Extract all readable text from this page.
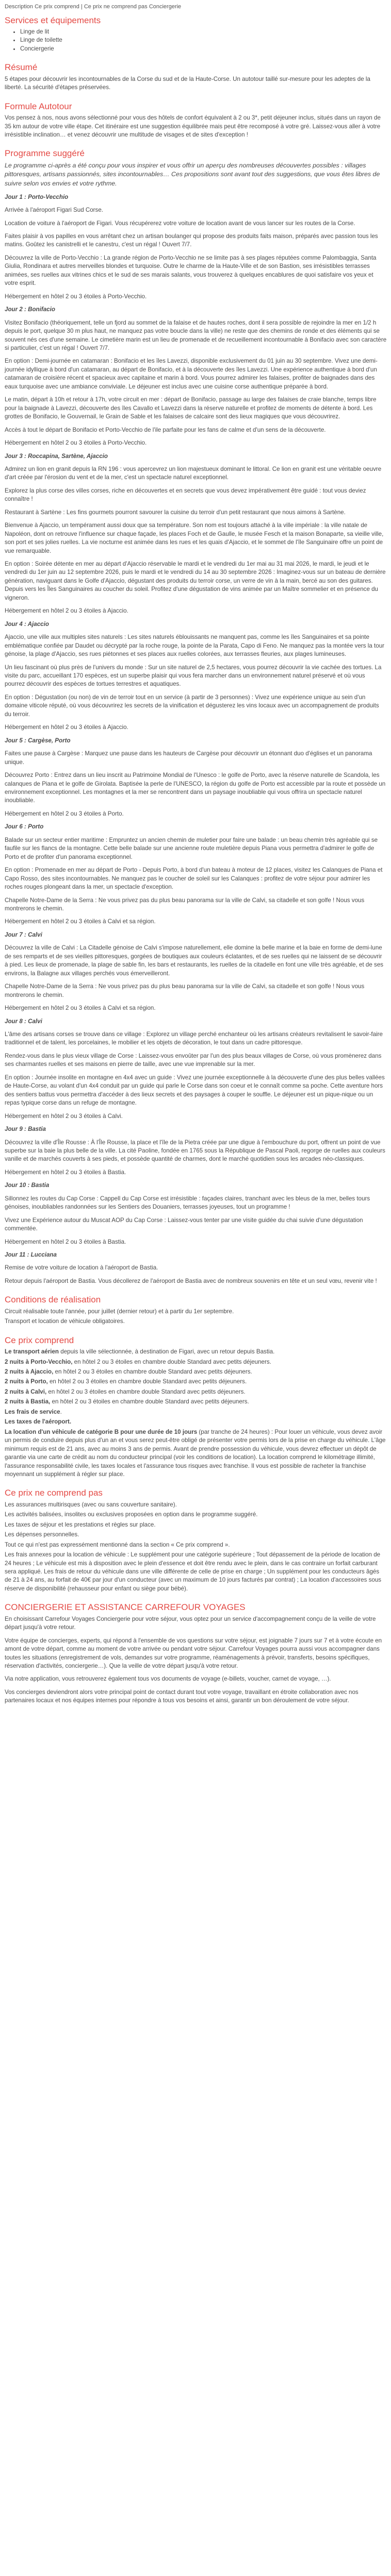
Description Ce prix comprend | Ce prix ne comprend pas Conciergerie

Services et équipements
• Linge de lit
• Linge de toilette
• Conciergerie
Résumé

5 étapes pour découvrir les incontournables de la Corse du sud et de la Haute-Corse. Un autotour taillé sur-mesure pour les adeptes de la liberté. La sécurité d'étapes préservées.

Formule Autotour

Vos pensez à nos, nous avons sélectionné pour vous des hôtels de confort équivalent à 2 ou 3*, petit déjeuner inclus, situés dans un rayon de 35 km autour de votre ville étape. Cet itinéraire est une suggestion équilibrée mais peut être recomposé à votre gré. Laissez-vous aller à votre irrésistible inclination… et venez découvrir une multitude de visages et de sites d'exception !

Programme suggéré

Le programme ci-après a été conçu pour vous inspirer et vous offrir un aperçu des nombreuses découvertes possibles : villages pittoresques, artisans passionnés, sites incontournables… Ces propositions sont avant tout des suggestions, que vous êtes libres de suivre selon vos envies et votre rythme.

Jour 1 : Porto-Vecchio

Arrivée à l'aéroport Figari Sud Corse.

Location de voiture à l'aéroport de Figari. Vous récupérerez votre voiture de location avant de vous lancer sur les routes de la Corse.

Faites plaisir à vos papilles en vous arrêtant chez un artisan boulanger qui propose des produits faits maison, préparés avec passion tous les matins. Goûtez les canistrelli et le canestru, c'est un régal ! Ouvert 7/7.

Découvrez la ville de Porto-Vecchio : La grande région de Porto-Vecchio ne se limite pas à ses plages réputées comme Palombaggia, Santa Giulia, Rondinara et autres merveilles blondes et turquoise. Outre le charme de la Haute-Ville et de son Bastion, ses irrésistibles terrasses animées, ses ruelles aux vitrines chics et le sud de ses marais salants, vous trouverez à quelques encablures de quoi satisfaire vos yeux et votre esprit.

Hébergement en hôtel 2 ou 3 étoiles à Porto-Vecchio.

Jour 2 : Bonifacio

Visitez Bonifacio (théoriquement, telle un fjord au sommet de la falaise et de hautes roches, dont il sera possible de rejoindre la mer en 1/2 h depuis le port, quelque 30 m plus haut, ne manquez pas votre boucle dans la ville) ne reste que des chemins de ronde et des éléments qui se souvent nés ces d'une semaine. Le cimetière marin est un lieu de promenade et de recueillement incontournable à Bonifacio avec son caractère si particulier, c'est un régal ! Ouvert 7/7.

En option : Demi-journée en catamaran : Bonifacio et les îles Lavezzi, disponible exclusivement du 01 juin au 30 septembre. Vivez une demi-journée idyllique à bord d'un catamaran, au départ de Bonifacio, et à la découverte des îles Lavezzi. Une expérience authentique à bord d'un catamaran de croisière récent et spacieux avec capitaine et marin à bord. Vous pourrez admirer les falaises, profiter de baignades dans des eaux turquoise avec une ambiance conviviale. Le déjeuner est inclus avec une cuisine corse authentique préparée à bord.

Le matin, départ à 10h et retour à 17h, votre circuit en mer : départ de Bonifacio, passage au large des falaises de craie blanche, temps libre pour la baignade à Lavezzi, découverte des îles Cavallo et Lavezzi dans la réserve naturelle et profitez de moments de détente à bord. Les grottes de Bonifacio, le Gouvernail, le Grain de Sable et les falaises de calcaire sont des lieux magiques que vous découvrirez.

Accès à tout le départ de Bonifacio et Porto-Vecchio de l'ile parfaite pour les fans de calme et d'un sens de la découverte.

Hébergement en hôtel 2 ou 3 étoiles à Porto-Vecchio.

Jour 3 : Roccapina, Sartène, Ajaccio

Admirez un lion en granit depuis la RN 196 : vous apercevrez un lion majestueux dominant le littoral. Ce lion en granit est une véritable oeuvre d'art créée par l'érosion du vent et de la mer, c'est un spectacle naturel exceptionnel.

Explorez la plus corse des villes corses, riche en découvertes et en secrets que vous devez impérativement être guidé : tout vous deviez connaître !

Restaurant à Sartène : Les fins gourmets pourront savourer la cuisine du terroir d'un petit restaurant que nous aimons à Sartène.

Bienvenue à Ajaccio, un tempérament aussi doux que sa température. Son nom est toujours attaché à la ville impériale : la ville natale de Napoléon, dont on retrouve l'influence sur chaque façade, les places Foch et de Gaulle, le musée Fesch et la maison Bonaparte, sa vieille ville, son port et ses jolies ruelles. La vie nocturne est animée dans les rues et les quais d'Ajaccio, et le sommet de l'île Sanguinaire offre un point de vue remarquable.

En option : Soirée détente en mer au départ d'Ajaccio réservable le mardi et le vendredi du 1er mai au 31 mai 2026, le mardi, le jeudi et le vendredi du 1er juin au 12 septembre 2026, puis le mardi et le vendredi du 14 au 30 septembre 2026 : Imaginez-vous sur un bateau de dernière génération, naviguant dans le Golfe d'Ajaccio, dégustant des produits du terroir corse, un verre de vin à la main, bercé au son des guitares. Depuis vers les Îles Sanguinaires au coucher du soleil. Profitez d'une dégustation de vins animée par un Maître sommelier et en présence du vigneron.

Hébergement en hôtel 2 ou 3 étoiles à Ajaccio.

Jour 4 : Ajaccio

Ajaccio, une ville aux multiples sites naturels : Les sites naturels éblouissants ne manquent pas, comme les îles Sanguinaires et sa pointe emblématique confiée par Daudet ou décrypté par la roche rouge, la pointe de la Parata, Capo di Feno. Ne manquez pas la montée vers la tour génoise, la plage d'Ajaccio, ses rues piétonnes et ses places aux ruelles colorées, aux terrasses fleuries, aux plages lumineuses.

Un lieu fascinant où plus près de l'univers du monde : Sur un site naturel de 2,5 hectares, vous pourrez découvrir la vie cachée des tortues. La visite du parc, accueillant 170 espèces, est un superbe plaisir qui vous fera marcher dans un environnement naturel préservé et où vous pourrez découvrir des espèces de tortues terrestres et aquatiques.

En option : Dégustation (ou non) de vin de terroir tout en un service (à partir de 3 personnes) : Vivez une expérience unique au sein d'un domaine viticole réputé, où vous découvrirez les secrets de la vinification et dégusterez les vins locaux avec un accompagnement de produits du terroir.

Hébergement en hôtel 2 ou 3 étoiles à Ajaccio.

Jour 5 : Cargèse, Porto

Faites une pause à Cargèse : Marquez une pause dans les hauteurs de Cargèse pour découvrir un étonnant duo d'églises et un panorama unique.

Découvrez Porto : Entrez dans un lieu inscrit au Patrimoine Mondial de l'Unesco : le golfe de Porto, avec la réserve naturelle de Scandola, les calanques de Piana et le golfe de Girolata. Baptisée la perle de l'UNESCO, la région du golfe de Porto est accessible par la route et possède un environnement exceptionnel. Les montagnes et la mer se rencontrent dans un paysage inoubliable qui vous offrira un spectacle naturel inoubliable.

Hébergement en hôtel 2 ou 3 étoiles à Porto.

Jour 6 : Porto

Balade sur un secteur entier maritime : Empruntez un ancien chemin de muletier pour faire une balade : un beau chemin très agréable qui se faufile sur les flancs de la montagne. Cette belle balade sur une ancienne route muletière depuis Piana vous permettra d'admirer le golfe de Porto et de profiter d'un panorama exceptionnel.

En option : Promenade en mer au départ de Porto - Depuis Porto, à bord d'un bateau à moteur de 12 places, visitez les Calanques de Piana et Capo Rosso, des sites incontournables. Ne manquez pas le coucher de soleil sur les Calanques : profitez de votre séjour pour admirer les roches rouges plongeant dans la mer, un spectacle d'exception.

Chapelle Notre-Dame de la Serra : Ne vous privez pas du plus beau panorama sur la ville de Calvi, sa citadelle et son golfe ! Nous vous montrerons le chemin.

Hébergement en hôtel 2 ou 3 étoiles à Calvi et sa région.

Jour 7 : Calvi

Découvrez la ville de Calvi : La Citadelle génoise de Calvi s'impose naturellement, elle domine la belle marine et la baie en forme de demi-lune de ses remparts et de ses vieilles pittoresques, gorgées de boutiques aux couleurs éclatantes, et de ses ruelles qui ne laissent de se découvrir à pied. Les lieux de promenade, la plage de sable fin, les bars et restaurants, les ruelles de la citadelle en font une ville très agréable, et de ses environs, la Balagne aux villages perchés vous émerveilleront.

Chapelle Notre-Dame de la Serra : Ne vous privez pas du plus beau panorama sur la ville de Calvi, sa citadelle et son golfe ! Nous vous montrerons le chemin.

Hébergement en hôtel 2 ou 3 étoiles à Calvi et sa région.

Jour 8 : Calvi

L'âme des artisans corses se trouve dans ce village : Explorez un village perché enchanteur où les artisans créateurs revitalisent le savoir-faire traditionnel et de talent, les porcelaines, le mobilier et les objets de décoration, le tout dans un cadre pittoresque.

Rendez-vous dans le plus vieux village de Corse : Laissez-vous envoûter par l'un des plus beaux villages de Corse, où vous promènerez dans ses charmantes ruelles et ses maisons en pierre de taille, avec une vue imprenable sur la mer.

En option : Journée insolite en montagne en 4x4 avec un guide : Vivez une journée exceptionnelle à la découverte d'une des plus belles vallées de Haute-Corse, au volant d'un 4x4 conduit par un guide qui parle le Corse dans son coeur et le connaît comme sa poche. Cette aventure hors des sentiers battus vous permettra d'accéder à des lieux secrets et des paysages à couper le souffle. Le déjeuner est un pique-nique ou un repas typique corse dans un refuge de montagne.

Hébergement en hôtel 2 ou 3 étoiles à Calvi.

Jour 9 : Bastia

Découvrez la ville d'Île Rousse : À l'Île Rousse, la place et l'île de la Pietra créée par une digue à l'embouchure du port, offrent un point de vue superbe sur la baie la plus belle de la ville. La cité Paoline, fondée en 1765 sous la République de Pascal Paoli, regorge de ruelles aux couleurs vanille et de marchés couverts à ses pieds, et possède quantité de charmes, dont le marché quotidien sous les arcades néo-classiques.

Hébergement en hôtel 2 ou 3 étoiles à Bastia.

Jour 10 : Bastia

Sillonnez les routes du Cap Corse : Cappell du Cap Corse est irrésistible : façades claires, tranchant avec les bleus de la mer, belles tours génoises, inoubliables randonnées sur les Sentiers des Douaniers, terrasses joyeuses, tout un programme !

Vivez une Expérience autour du Muscat AOP du Cap Corse : Laissez-vous tenter par une visite guidée du chai suivie d'une dégustation commentée.

Hébergement en hôtel 2 ou 3 étoiles à Bastia.

Jour 11 : Lucciana

Remise de votre voiture de location à l'aéroport de Bastia.

Retour depuis l'aéroport de Bastia. Vous décollerez de l'aéroport de Bastia avec de nombreux souvenirs en tête et un seul vœu, revenir vite !

Conditions de réalisation

Circuit réalisable toute l'année, pour juillet (dernier retour) et à partir du 1er septembre.

Transport et location de véhicule obligatoires.

Ce prix comprend

Le transport aérien depuis la ville sélectionnée, à destination de Figari, avec un retour depuis Bastia.

2 nuits à Porto-Vecchio, en hôtel 2 ou 3 étoiles en chambre double Standard avec petits déjeuners.

2 nuits à Ajaccio, en hôtel 2 ou 3 étoiles en chambre double Standard avec petits déjeuners.

2 nuits à Porto, en hôtel 2 ou 3 étoiles en chambre double Standard avec petits déjeuners.

2 nuits à Calvi, en hôtel 2 ou 3 étoiles en chambre double Standard avec petits déjeuners.

2 nuits à Bastia, en hôtel 2 ou 3 étoiles en chambre double Standard avec petits déjeuners.

Les frais de service.

Les taxes de l'aéroport.

La location d'un véhicule de catégorie B pour une durée de 10 jours (par tranche de 24 heures) : Pour louer un véhicule, vous devez avoir un permis de conduire depuis plus d'un an et vous serez peut-être obligé de présenter votre permis lors de la prise en charge du véhicule. L'âge minimum requis est de 21 ans, avec au moins 3 ans de permis. Avant de prendre possession du véhicule, vous devrez effectuer un dépôt de garantie via une carte de crédit au nom du conducteur principal (voir les conditions de location). La location comprend le kilométrage illimité, l'assurance responsabilité civile, les taxes locales et l'assurance tous risques avec franchise. Il vous est possible de racheter la franchise moyennant un supplément à régler sur place.

Ce prix ne comprend pas

Les assurances multirisques (avec ou sans couverture sanitaire).

Les activités balisées, insolites ou exclusives proposées en option dans le programme suggéré.

Les taxes de séjour et les prestations et règles sur place.

Les dépenses personnelles.

Tout ce qui n'est pas expressément mentionné dans la section « Ce prix comprend ».

Les frais annexes pour la location de véhicule : Le supplément pour une catégorie supérieure ; Tout dépassement de la période de location de 24 heures ; Le véhicule est mis à disposition avec le plein d'essence et doit être rendu avec le plein, dans le cas contraire un forfait carburant sera appliqué. Les frais de retour du véhicule dans une ville différente de celle de prise en charge ; Un supplément pour les conducteurs âgés de 21 à 24 ans, au forfait de 40€ par jour d'un conducteur (avec un maximum de 10 jours facturés par contrat) ; La location d'accessoires sous réserve de disponibilité (rehausseur pour enfant ou siège pour bébé).

CONCIERGERIE ET ASSISTANCE CARREFOUR VOYAGES

En choisissant Carrefour Voyages Conciergerie pour votre séjour, vous optez pour un service d'accompagnement conçu de la veille de votre départ jusqu'à votre retour.

Votre équipe de concierges, experts, qui répond à l'ensemble de vos questions sur votre séjour, est joignable 7 jours sur 7 et à votre écoute en amont de votre départ, comme au moment de votre arrivée ou pendant votre séjour. Carrefour Voyages pourra aussi vous accompagner dans toutes les situations (enregistrement de vols, demandes sur votre programme, réaménagements à prévoir, transferts, besoins spécifiques, réservation d'activités, conciergerie…). Que la veille de votre départ jusqu'à votre retour.

Via notre application, vous retrouverez également tous vos documents de voyage (e-billets, voucher, carnet de voyage, …).

Vos concierges deviendront alors votre principal point de contact durant tout votre voyage, travaillant en étroite collaboration avec nos partenaires locaux et nos équipes internes pour répondre à tous vos besoins et ainsi, garantir un bon déroulement de votre séjour.
